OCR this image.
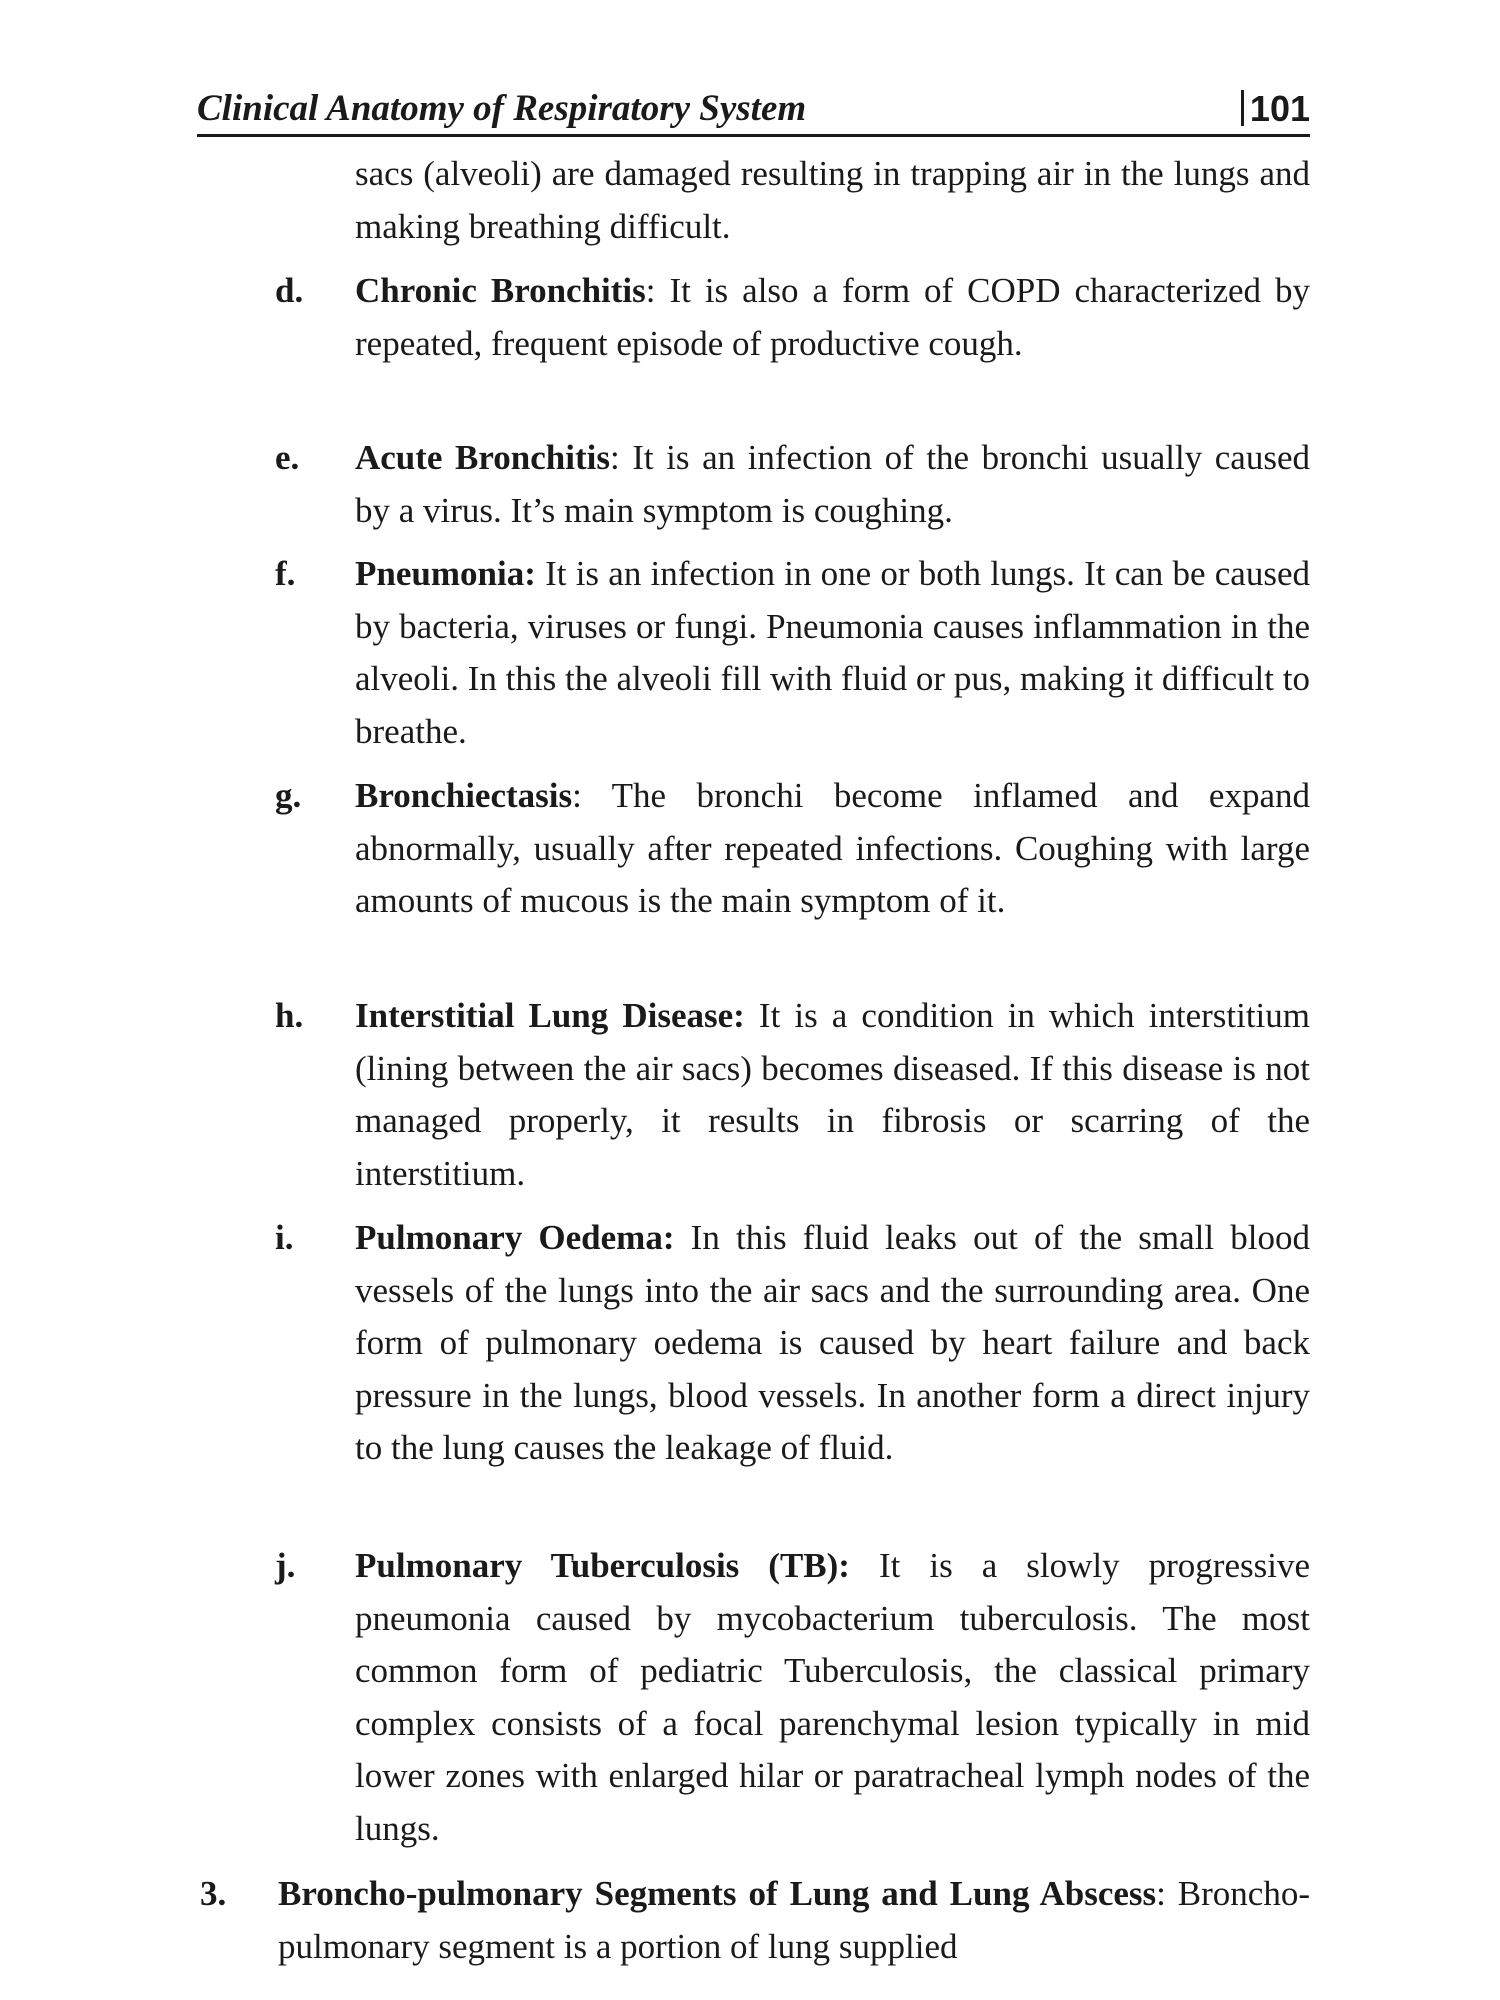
Clinical Anatomy of Respiratory System	101

sacs (alveoli) are damaged resulting in trapping air in the lungs and making breathing difficult.

d. Chronic Bronchitis: It is also a form of COPD characterized by repeated, frequent episode of productive cough.

e. Acute Bronchitis: It is an infection of the bronchi usually caused by a virus. It’s main symptom is coughing.

f. Pneumonia: It is an infection in one or both lungs. It can be caused by bacteria, viruses or fungi. Pneumonia causes inflammation in the alveoli. In this the alveoli fill with fluid or pus, making it difficult to breathe.

g. Bronchiectasis: The bronchi become inflamed and expand abnormally, usually after repeated infections. Coughing with large amounts of mucous is the main symptom of it.

h. Interstitial Lung Disease: It is a condition in which interstitium (lining between the air sacs) becomes diseased. If this disease is not managed properly, it results in fibrosis or scarring of the interstitium.

i. Pulmonary Oedema: In this fluid leaks out of the small blood vessels of the lungs into the air sacs and the surrounding area. One form of pulmonary oedema is caused by heart failure and back pressure in the lungs, blood vessels. In another form a direct injury to the lung causes the leakage of fluid.

j. Pulmonary Tuberculosis (TB): It is a slowly progressive pneumonia caused by mycobacterium tuberculosis. The most common form of pediatric Tuberculosis, the classical primary complex consists of a focal parenchymal lesion typically in mid lower zones with enlarged hilar or paratracheal lymph nodes of the lungs.

3. Broncho-pulmonary Segments of Lung and Lung Abscess: Broncho-pulmonary segment is a portion of lung supplied
